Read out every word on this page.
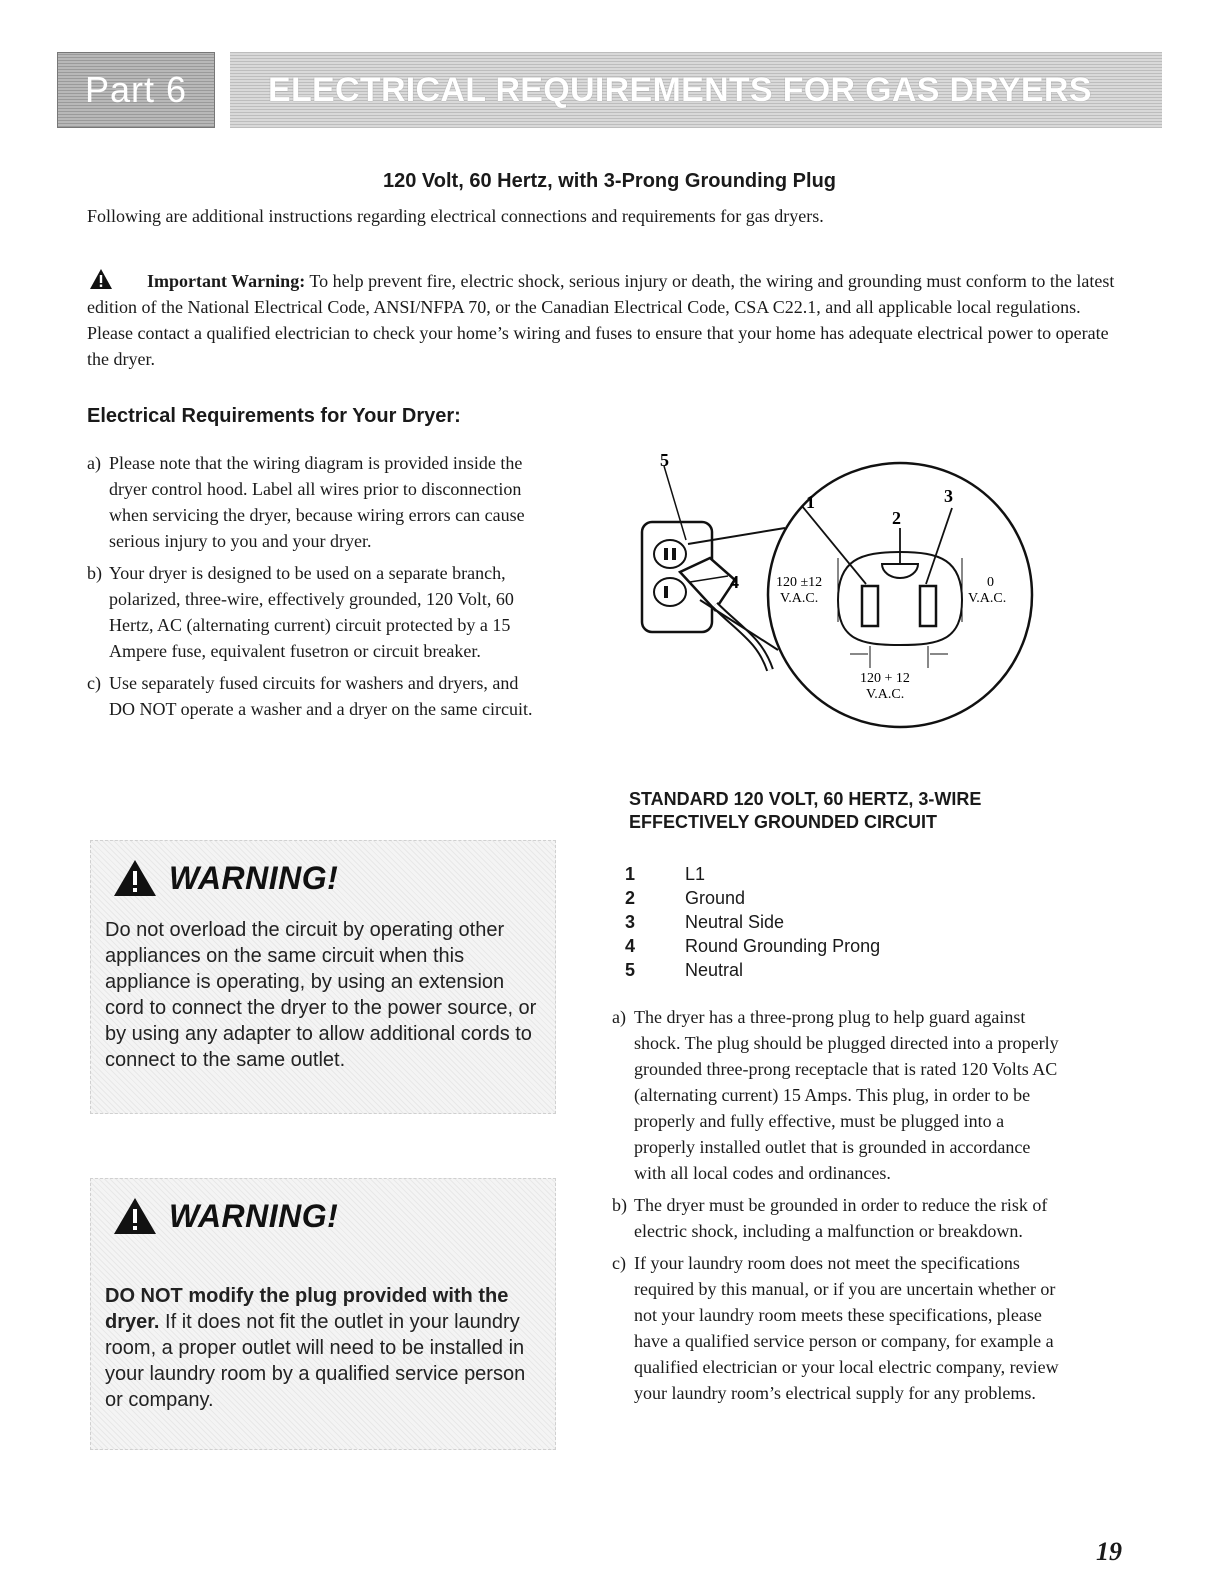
Part 6 ELECTRICAL REQUIREMENTS FOR GAS DRYERS
120 Volt, 60 Hertz, with 3-Prong Grounding Plug
Following are additional instructions regarding electrical connections and requirements for gas dryers.
Important Warning: To help prevent fire, electric shock, serious injury or death, the wiring and grounding must conform to the latest edition of the National Electrical Code, ANSI/NFPA 70, or the Canadian Electrical Code, CSA C22.1, and all applicable local regulations. Please contact a qualified electrician to check your home’s wiring and fuses to ensure that your home has adequate electrical power to operate the dryer.
Electrical Requirements for Your Dryer:
a) Please note that the wiring diagram is provided inside the dryer control hood. Label all wires prior to disconnection when servicing the dryer, because wiring errors can cause serious injury to you and your dryer.
b) Your dryer is designed to be used on a separate branch, polarized, three-wire, effectively grounded, 120 Volt, 60 Hertz, AC (alternating current) circuit protected by a 15 Ampere fuse, equivalent fusetron or circuit breaker.
c) Use separately fused circuits for washers and dryers, and DO NOT operate a washer and a dryer on the same circuit.
WARNING!
Do not overload the circuit by operating other appliances on the same circuit when this appliance is operating, by using an extension cord to connect the dryer to the power source, or by using any adapter to allow additional cords to connect to the same outlet.
WARNING!
DO NOT modify the plug provided with the dryer. If it does not fit the outlet in your laundry room, a proper outlet will need to be installed in your laundry room by a qualified service person or company.
5
1
2
3
4	120 ±12
V.A.C.
0
V.A.C.
120 + 12
V.A.C.
STANDARD 120 VOLT, 60 HERTZ, 3-WIRE
EFFECTIVELY GROUNDED CIRCUIT
1	L1
2	Ground
3	Neutral Side
4	Round Grounding Prong
5	Neutral
a) The dryer has a three-prong plug to help guard against shock. The plug should be plugged directed into a properly grounded three-prong receptacle that is rated 120 Volts AC (alternating current) 15 Amps. This plug, in order to be properly and fully effective, must be plugged into a properly installed outlet that is grounded in accordance with all local codes and ordinances.
b) The dryer must be grounded in order to reduce the risk of electric shock, including a malfunction or breakdown.
c) If your laundry room does not meet the specifications required by this manual, or if you are uncertain whether or not your laundry room meets these specifications, please have a qualified service person or company, for example a qualified electrician or your local electric company, review your laundry room’s electrical supply for any problems.
19
